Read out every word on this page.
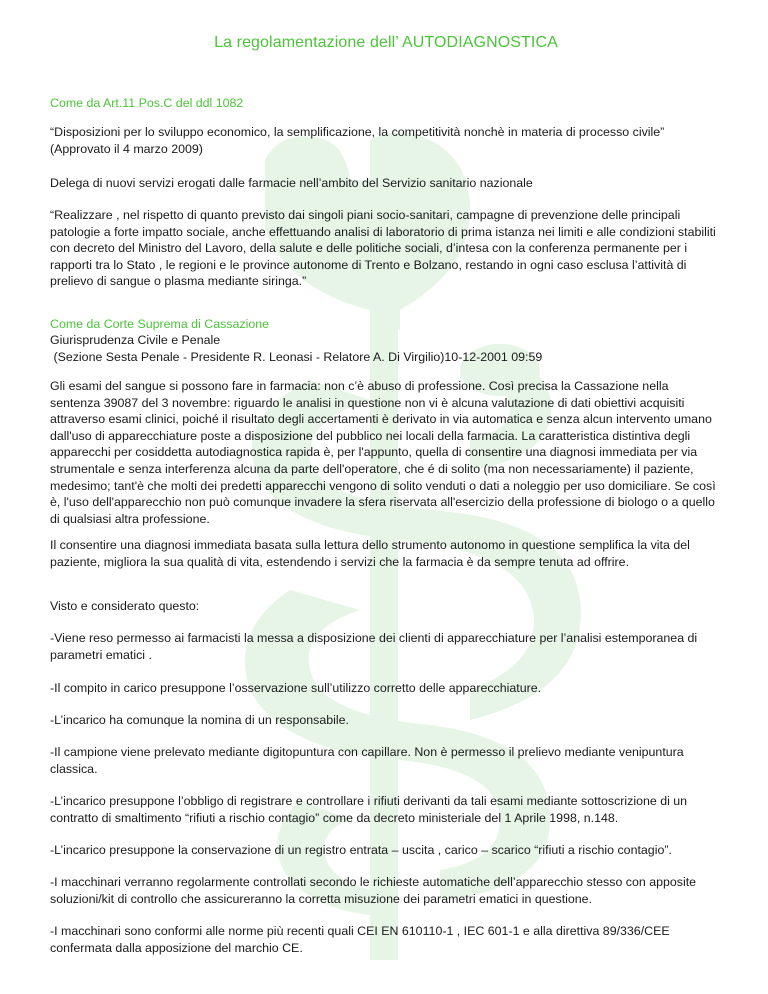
La regolamentazione dell’ AUTODIAGNOSTICA

Come da Art.11 Pos.C del ddl 1082

“Disposizioni per lo sviluppo economico, la semplificazione, la competitività nonchè in materia di processo civile” (Approvato il 4 marzo 2009)

Delega di nuovi servizi erogati dalle farmacie nell’ambito del Servizio sanitario nazionale

“Realizzare , nel rispetto di quanto previsto dai singoli piani socio-sanitari, campagne di prevenzione delle principali patologie a forte impatto sociale, anche effettuando analisi di laboratorio di prima istanza nei limiti e alle condizioni stabiliti con decreto del Ministro del Lavoro, della salute e delle politiche sociali, d’intesa con la conferenza permanente per i rapporti tra lo Stato , le regioni e le province autonome di Trento e Bolzano, restando in ogni caso esclusa l’attività di prelievo di sangue o plasma mediante siringa.”

Come da Corte Suprema di Cassazione

Giurisprudenza Civile e Penale

(Sezione Sesta Penale - Presidente R. Leonasi - Relatore A. Di Virgilio)10-12-2001 09:59

Gli esami del sangue si possono fare in farmacia: non c’è abuso di professione. Così precisa la Cassazione nella sentenza 39087 del 3 novembre: riguardo le analisi in questione non vi è alcuna valutazione di dati obiettivi acquisiti attraverso esami clinici, poiché il risultato degli accertamenti è derivato in via automatica e senza alcun intervento umano dall'uso di apparecchiature poste a disposizione del pubblico nei locali della farmacia. La caratteristica distintiva degli apparecchi per cosiddetta autodiagnostica rapida è, per l'appunto, quella di consentire una diagnosi immediata per via strumentale e senza interferenza alcuna da parte dell'operatore, che é di solito (ma non necessariamente) il paziente, medesimo; tant'è che molti dei predetti apparecchi vengono di solito venduti o dati a noleggio per uso domiciliare. Se così è, l'uso dell'apparecchio non può comunque invadere la sfera riservata all'esercizio della professione di biologo o a quello di qualsiasi altra professione.

Il consentire una diagnosi immediata basata sulla lettura dello strumento autonomo in questione semplifica la vita del paziente, migliora la sua qualità di vita, estendendo i servizi che la farmacia è da sempre tenuta ad offrire.

Visto e considerato questo:

-Viene reso permesso ai farmacisti la messa a disposizione dei clienti di apparecchiature per l’analisi estemporanea di parametri ematici .

-Il compito in carico presuppone l’osservazione sull’utilizzo corretto delle apparecchiature.

-L’incarico ha comunque la nomina di un responsabile.

-Il campione viene prelevato mediante digitopuntura con capillare. Non è permesso il prelievo mediante venipuntura classica.

-L’incarico presuppone l’obbligo di registrare e controllare i rifiuti derivanti da tali esami mediante sottoscrizione di un contratto di smaltimento “rifiuti a rischio contagio” come da decreto ministeriale del 1 Aprile 1998, n.148.

-L’incarico presuppone la conservazione di un registro entrata – uscita , carico – scarico “rifiuti a rischio contagio”.

-I macchinari verranno regolarmente controllati secondo le richieste automatiche dell’apparecchio stesso con apposite soluzioni/kit di controllo che assicureranno la corretta misuzione dei parametri ematici in questione.

-I macchinari sono conformi alle norme più recenti quali CEI EN 610110-1 , IEC 601-1 e alla direttiva 89/336/CEE confermata dalla apposizione del marchio CE.
